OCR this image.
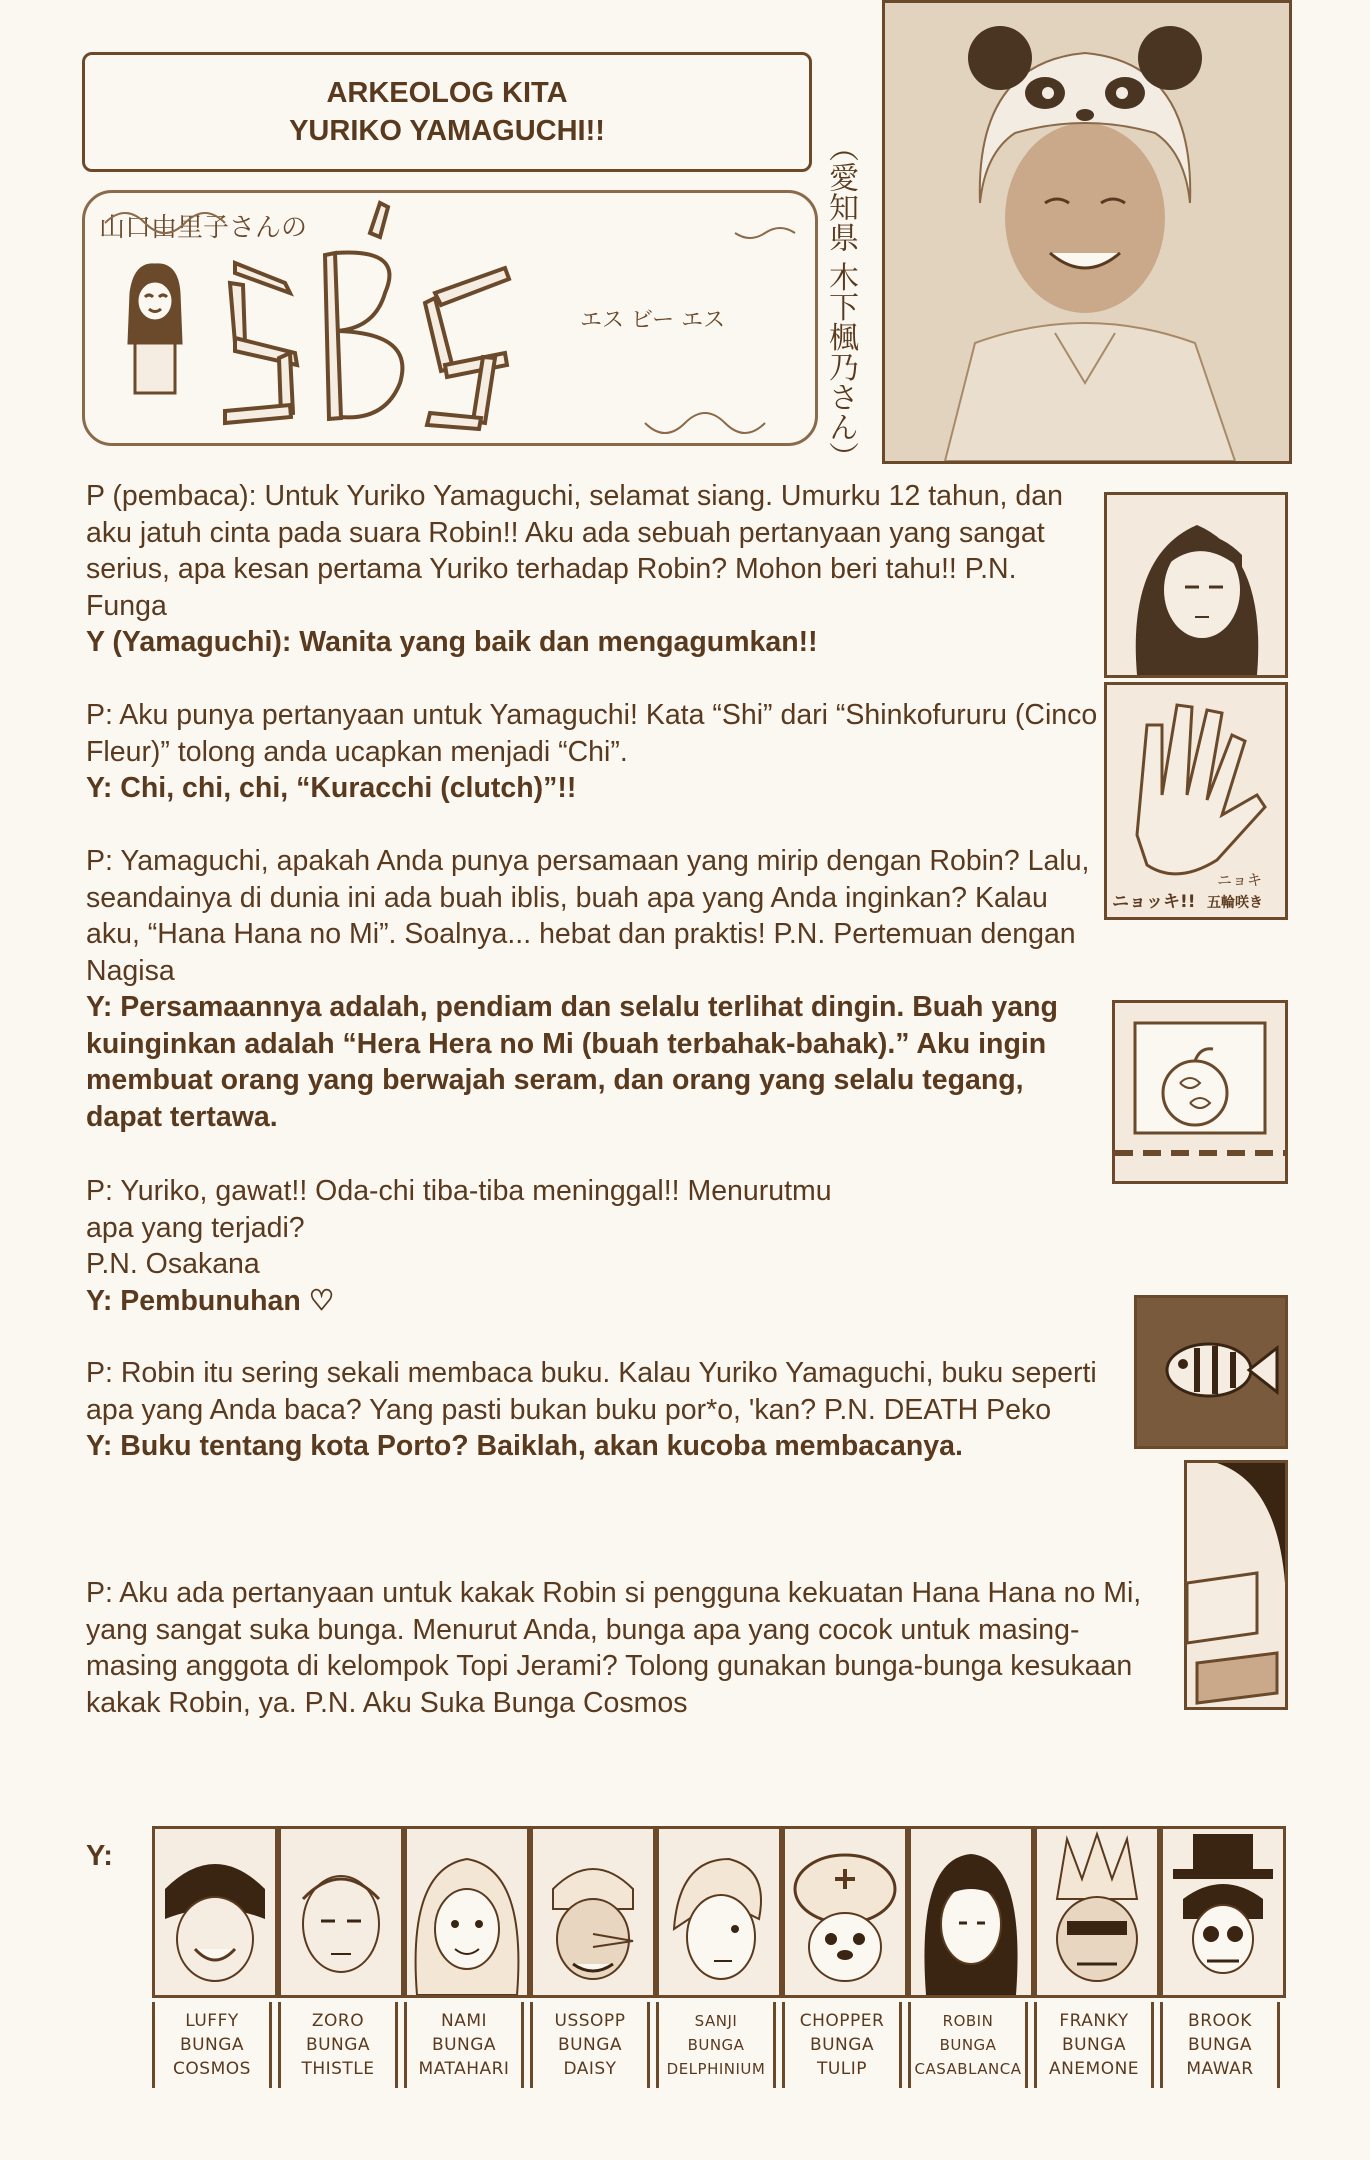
ARKEOLOG KITA
YURIKO YAMAGUCHI!!
山口由里子さんの
エス ビー エス	（愛知県 木下楓乃さん）

P (pembaca): Untuk Yuriko Yamaguchi, selamat siang. Umurku 12 tahun, dan aku jatuh cinta pada suara Robin!! Aku ada sebuah pertanyaan yang sangat serius, apa kesan pertama Yuriko terhadap Robin? Mohon beri tahu!! P.N. Funga

Y (Yamaguchi): Wanita yang baik dan mengagumkan!!

P: Aku punya pertanyaan untuk Yamaguchi! Kata “Shi” dari “Shinkofururu (Cinco Fleur)” tolong anda ucapkan menjadi “Chi”.

Y: Chi, chi, chi, “Kuracchi (clutch)”!!

P: Yamaguchi, apakah Anda punya persamaan yang mirip dengan Robin? Lalu, seandainya di dunia ini ada buah iblis, buah apa yang Anda inginkan? Kalau aku, “Hana Hana no Mi”. Soalnya... hebat dan praktis! P.N. Pertemuan dengan Nagisa

Y: Persamaannya adalah, pendiam dan selalu terlihat dingin. Buah yang kuinginkan adalah “Hera Hera no Mi (buah terbahak-bahak).” Aku ingin membuat orang yang berwajah seram, dan orang yang selalu tegang, dapat tertawa.

P: Yuriko, gawat!! Oda-chi tiba-tiba meninggal!! Menurutmu

apa yang terjadi?

P.N. Osakana

Y: Pembunuhan ♡

P: Robin itu sering sekali membaca buku. Kalau Yuriko Yamaguchi, buku seperti apa yang Anda baca? Yang pasti bukan buku por*o, 'kan? P.N. DEATH Peko

Y: Buku tentang kota Porto? Baiklah, akan kucoba membacanya.

P: Aku ada pertanyaan untuk kakak Robin si pengguna kekuatan Hana Hana no Mi, yang sangat suka bunga. Menurut Anda, bunga apa yang cocok untuk masing-masing anggota di kelompok Topi Jerami? Tolong gunakan bunga-bunga kesukaan kakak Robin, ya. P.N. Aku Suka Bunga Cosmos

ニョキ
五輪咲き
ニョッキ!!
Y:
LUFFY
BUNGA
COSMOS
ZORO
BUNGA
THISTLE
NAMI
BUNGA
MATAHARI
USSOPP
BUNGA
DAISY
SANJI
BUNGA
DELPHINIUM
CHOPPER
BUNGA
TULIP
ROBIN
BUNGA
CASABLANCA
FRANKY
BUNGA
ANEMONE
BROOK
BUNGA
MAWAR
